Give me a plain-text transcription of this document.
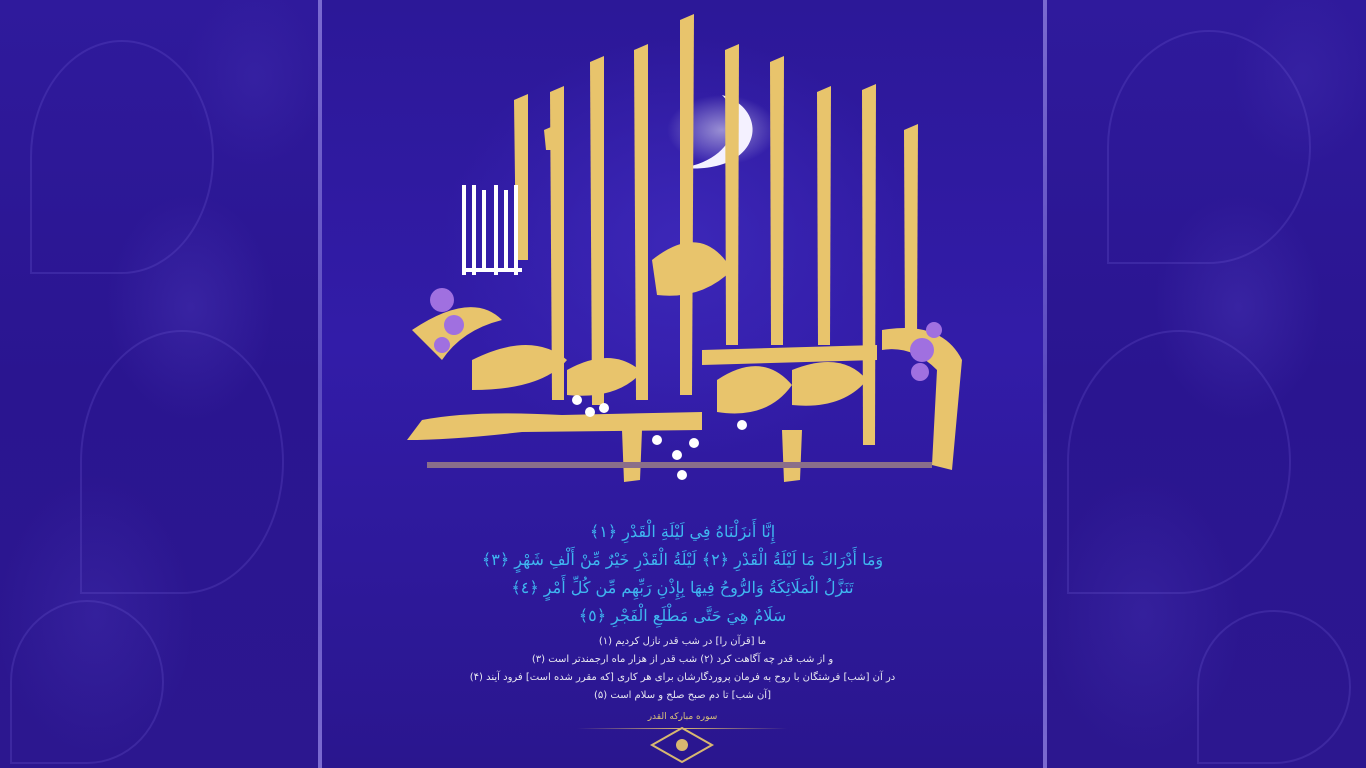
إِنَّا أَنزَلْنَاهُ فِي لَيْلَةِ الْقَدْرِ ﴿١﴾
وَمَا أَدْرَاكَ مَا لَيْلَةُ الْقَدْرِ ﴿٢﴾ لَيْلَةُ الْقَدْرِ خَيْرٌ مِّنْ أَلْفِ شَهْرٍ ﴿٣﴾
تَنَزَّلُ الْمَلَائِكَةُ وَالرُّوحُ فِيهَا بِإِذْنِ رَبِّهِم مِّن كُلِّ أَمْرٍ ﴿٤﴾
سَلَامٌ هِيَ حَتَّى مَطْلَعِ الْفَجْرِ ﴿٥﴾
ما [قرآن را] در شب قدر نازل کردیم (۱)
و از شب قدر چه آگاهت کرد (۲) شب قدر از هزار ماه ارجمندتر است (۳)
در آن [شب] فرشتگان با روح به فرمان پروردگارشان برای هر کاری [که مقرر شده است] فرود آیند (۴)
[آن شب] تا دم صبح صلح و سلام است (۵)
سوره مبارکه القدر
